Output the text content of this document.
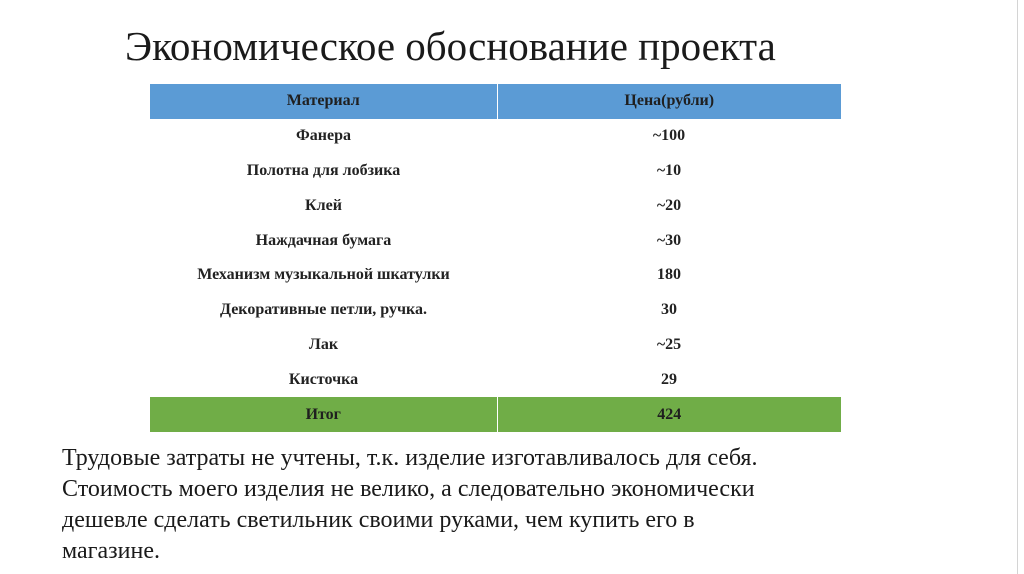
Экономическое обоснование проекта
Материал	Цена(рубли)
Фанера	~100
Полотна для лобзика	~10
Клей	~20
Наждачная бумага	~30
Механизм музыкальной шкатулки	180
Декоративные петли, ручка.	30
Лак	~25
Кисточка	29
Итог	424

Трудовые затраты не учтены, т.к. изделие изготавливалось для себя.
Стоимость моего изделия не велико, а следовательно экономически
дешевле сделать светильник своими руками, чем купить его в
магазине.
